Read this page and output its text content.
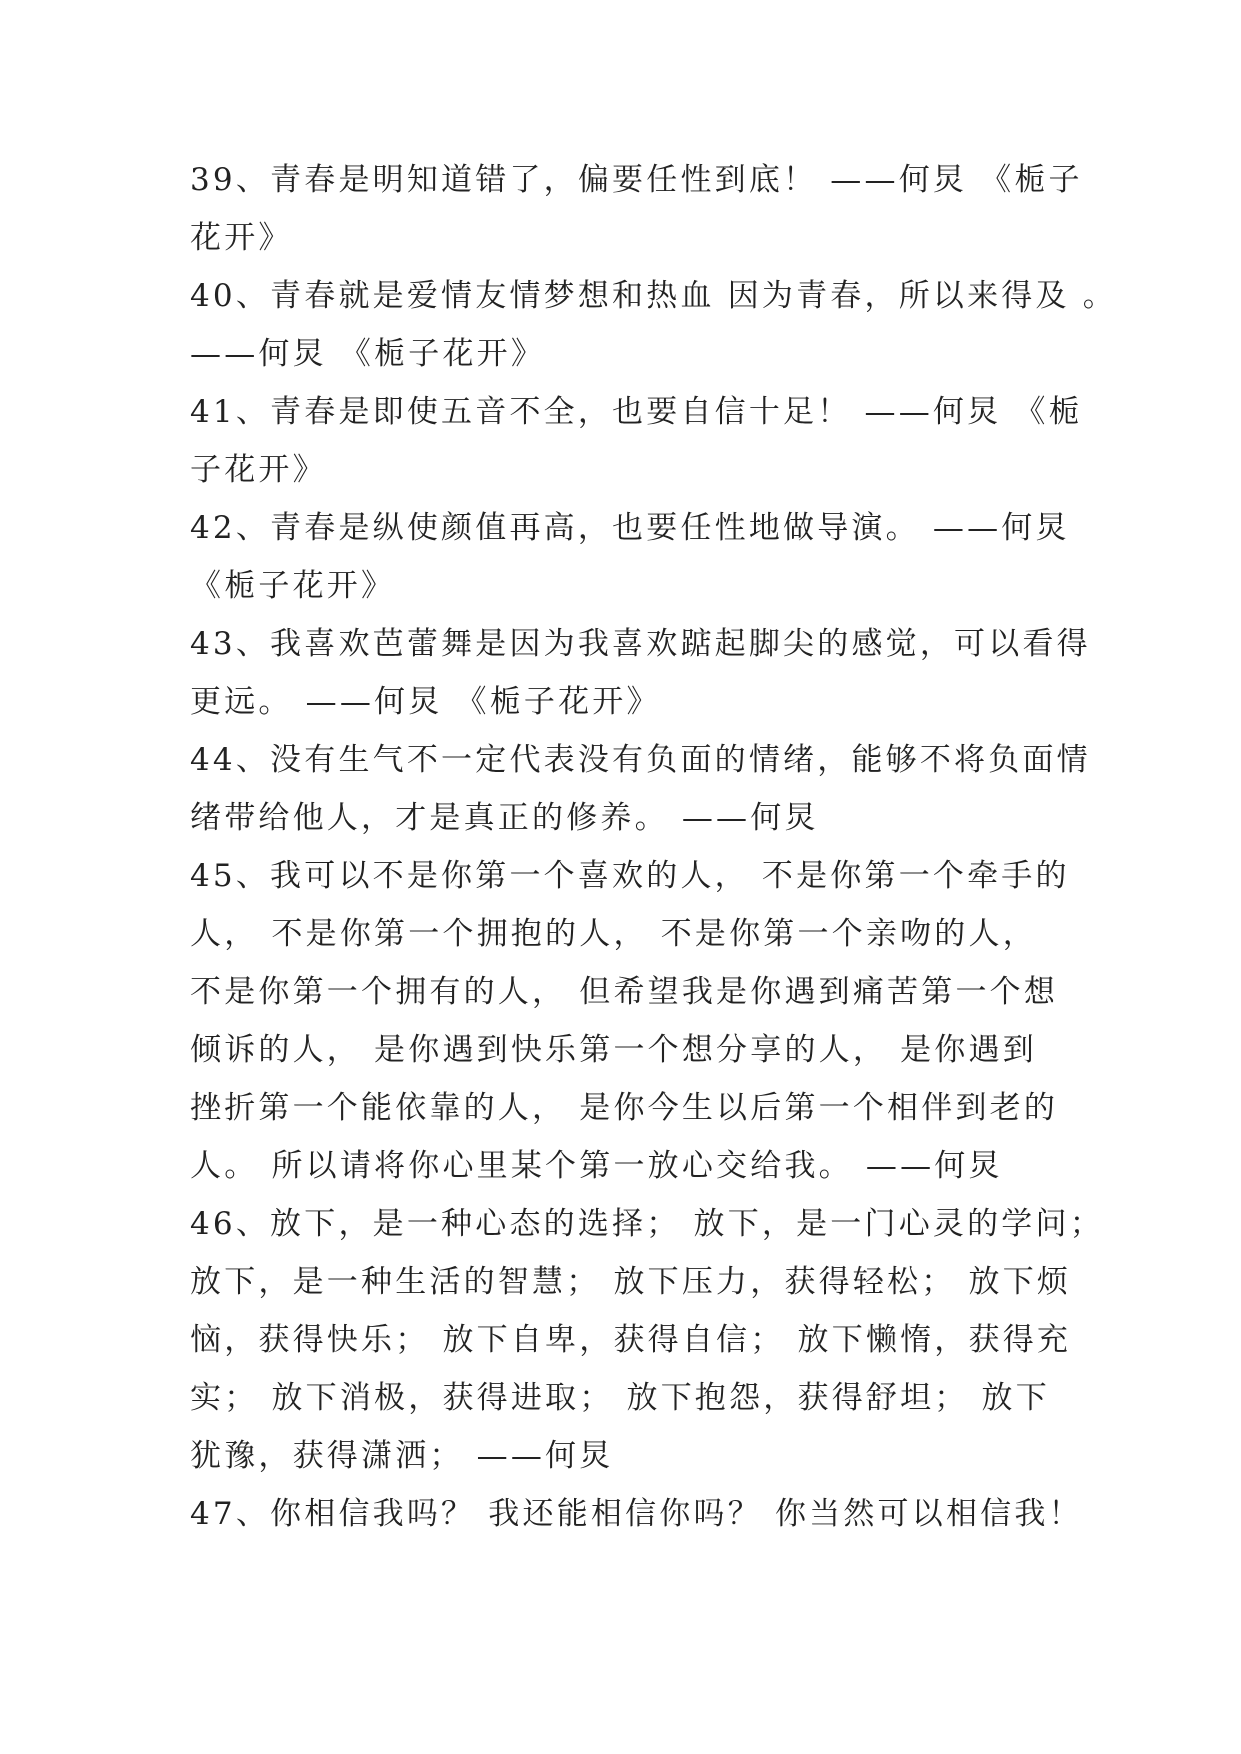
39、青春是明知道错了，偏要任性到底！ ——何炅 《栀子
花开》
40、青春就是爱情友情梦想和热血 因为青春，所以来得及 。
——何炅 《栀子花开》
41、青春是即使五音不全，也要自信十足！ ——何炅 《栀
子花开》
42、青春是纵使颜值再高，也要任性地做导演。 ——何炅
《栀子花开》
43、我喜欢芭蕾舞是因为我喜欢踮起脚尖的感觉，可以看得
更远。 ——何炅 《栀子花开》
44、没有生气不一定代表没有负面的情绪，能够不将负面情
绪带给他人，才是真正的修养。 ——何炅
45、我可以不是你第一个喜欢的人， 不是你第一个牵手的
人， 不是你第一个拥抱的人， 不是你第一个亲吻的人，
不是你第一个拥有的人， 但希望我是你遇到痛苦第一个想
倾诉的人， 是你遇到快乐第一个想分享的人， 是你遇到
挫折第一个能依靠的人， 是你今生以后第一个相伴到老的
人。 所以请将你心里某个第一放心交给我。 ——何炅
46、放下，是一种心态的选择； 放下，是一门心灵的学问；
放下，是一种生活的智慧； 放下压力，获得轻松； 放下烦
恼，获得快乐； 放下自卑，获得自信； 放下懒惰，获得充
实； 放下消极，获得进取； 放下抱怨，获得舒坦； 放下
犹豫，获得潇洒； ——何炅
47、你相信我吗？ 我还能相信你吗？ 你当然可以相信我！
